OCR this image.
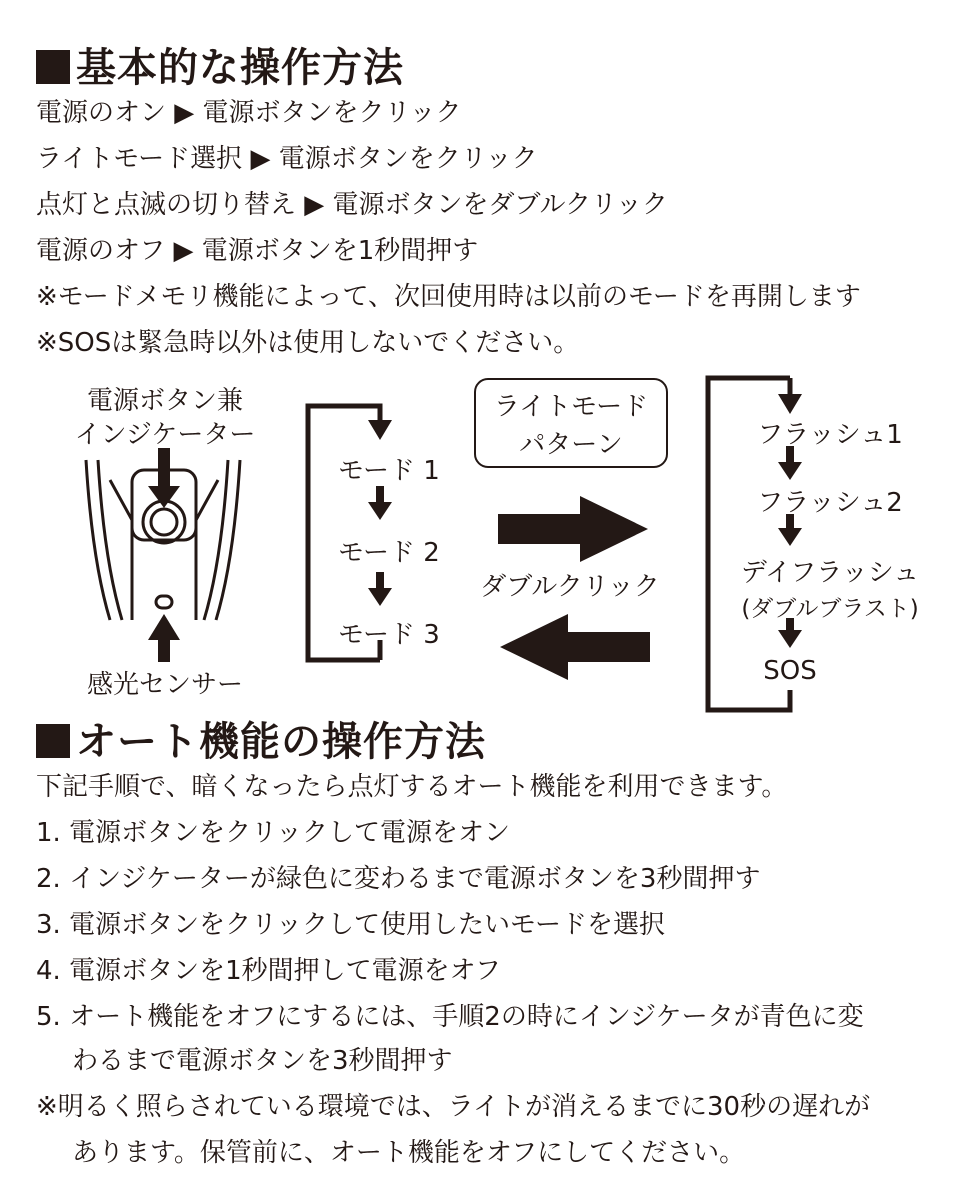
基本的な操作方法
電源のオン ▶ 電源ボタンをクリック
ライトモード選択 ▶ 電源ボタンをクリック
点灯と点滅の切り替え ▶ 電源ボタンをダブルクリック
電源のオフ ▶ 電源ボタンを1秒間押す
※モードメモリ機能によって、次回使用時は以前のモードを再開します
※SOSは緊急時以外は使用しないでください。
電源ボタン兼
インジケーター
感光センサー
モード 1
モード 2
モード 3
ライトモード
パターン
ダブルクリック
フラッシュ1
フラッシュ2
デイフラッシュ
(ダブルブラスト)
SOS
オート機能の操作方法
下記手順で、暗くなったら点灯するオート機能を利用できます。
1. 電源ボタンをクリックして電源をオン
2. インジケーターが緑色に変わるまで電源ボタンを3秒間押す
3. 電源ボタンをクリックして使用したいモードを選択
4. 電源ボタンを1秒間押して電源をオフ
5. オート機能をオフにするには、手順2の時にインジケータが青色に変
わるまで電源ボタンを3秒間押す
※明るく照らされている環境では、ライトが消えるまでに30秒の遅れが
あります。保管前に、オート機能をオフにしてください。
